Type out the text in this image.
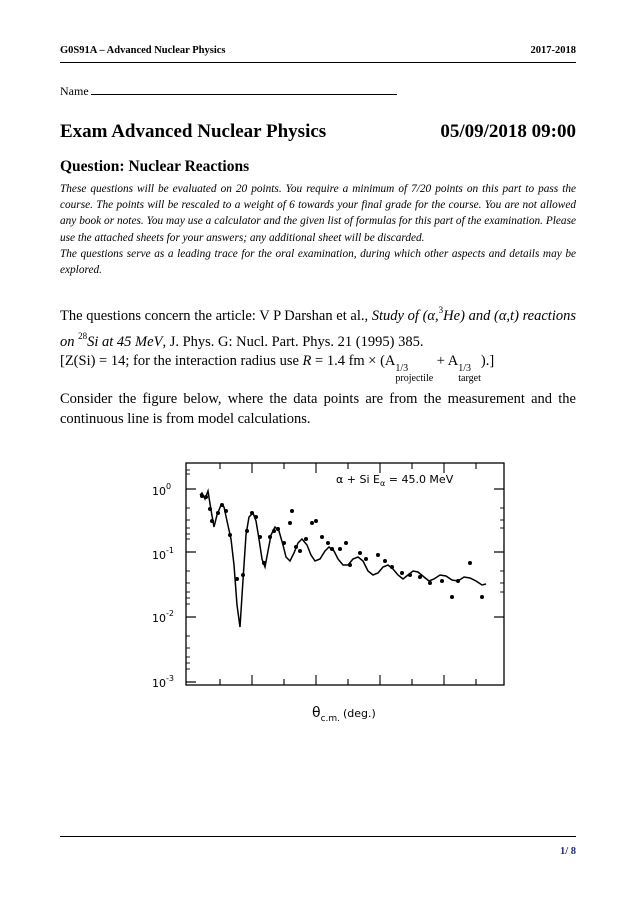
G0S91A – Advanced Nuclear Physics	2017-2018
Name
Exam Advanced Nuclear Physics	05/09/2018 09:00
Question: Nuclear Reactions
These questions will be evaluated on 20 points. You require a minimum of 7/20 points on this part to pass the course. The points will be rescaled to a weight of 6 towards your final grade for the course. You are not allowed any book or notes. You may use a calculator and the given list of formulas for this part of the examination. Please use the attached sheets for your answers; any additional sheet will be discarded.
The questions serve as a leading trace for the oral examination, during which other aspects and details may be explored.
The questions concern the article: V P Darshan et al., Study of (α,$^3$He) and (α,t) reactions on $^{28}$Si at 45 MeV, J. Phys. G: Nucl. Part. Phys. 21 (1995) 385.
[Z(Si) = 14; for the interaction radius use R = 1.4 fm × (A 1/3
projectile
+ A 1/3
target
).]
Consider the figure below, where the data points are from the measurement and the continuous line is from model calculations.
$10^0$
$10^{-1}$
$10^{-2}$
$10^{-3}$
α + Si $E_\alpha = 45.0$ MeV
$\theta_{c.m.}$ $^{(deg.)}$
1/ 8
